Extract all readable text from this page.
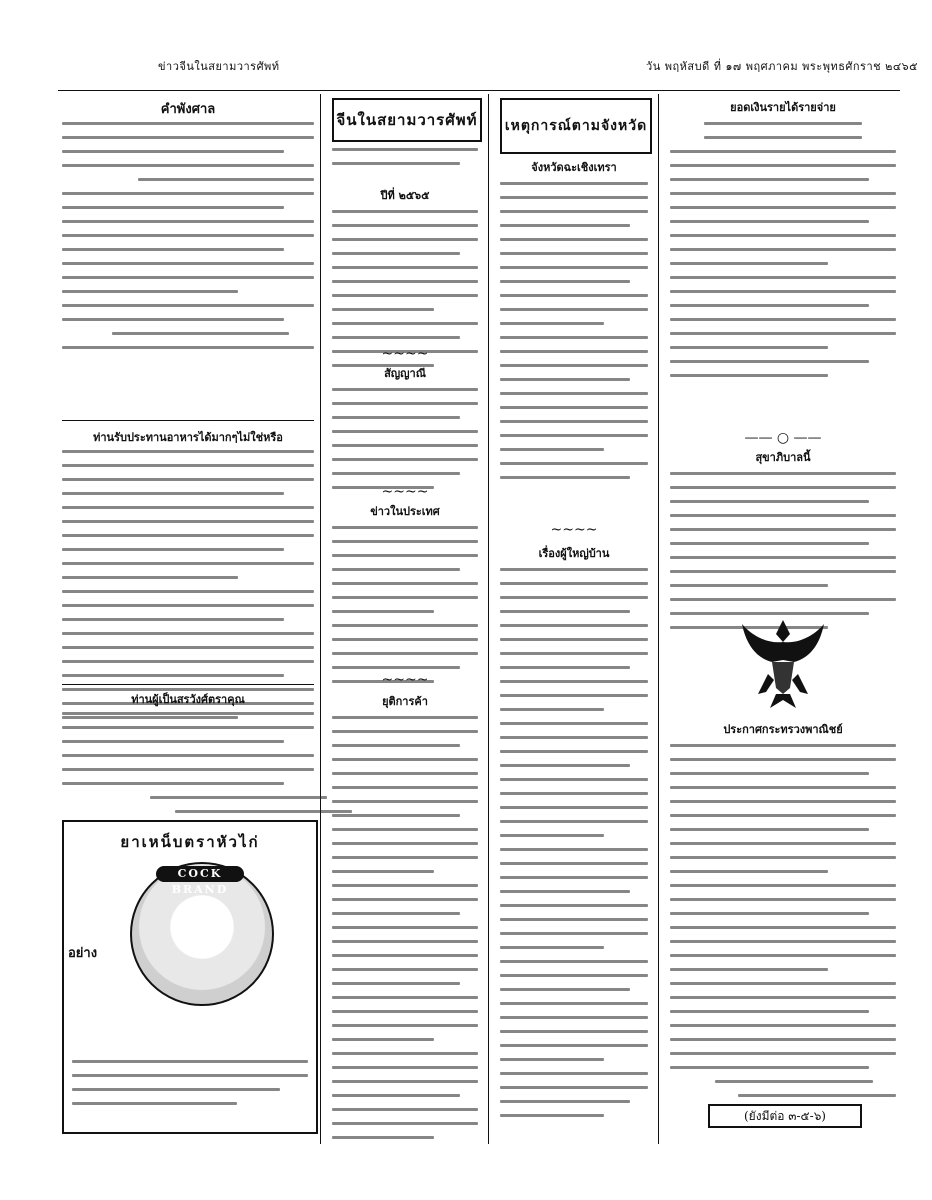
ข่าวจีนในสยามวารศัพท์	วัน พฤหัสบดี ที่ ๑๗ พฤศภาคม พระพุทธศักราช ๒๔๖๕
คำพังศาล
ท่านรับประทานอาหารได้มากๆไม่ใช่หรือ
ท่านผู้เป็นสรวังศ์ตราคุณ
ยาเหน็บตราหัวไก่
COCK BRAND
อย่าง
จีนในสยามวารศัพท์
ปีที่ ๒๕๖๕
~~~~
สัญญาณี
~~~~
ข่าวในประเทศ
~~~~
ยุติการค้า
เหตุการณ์ตามจังหวัด
จังหวัดฉะเชิงเทรา
~~~~
เรื่องผู้ใหญ่บ้าน
ยอดเงินรายได้รายจ่าย
—— ○ ——
สุขาภิบาลนี้
ประกาศกระทรวงพาณิชย์
(ยังมีต่อ ๓-๕-๖)
